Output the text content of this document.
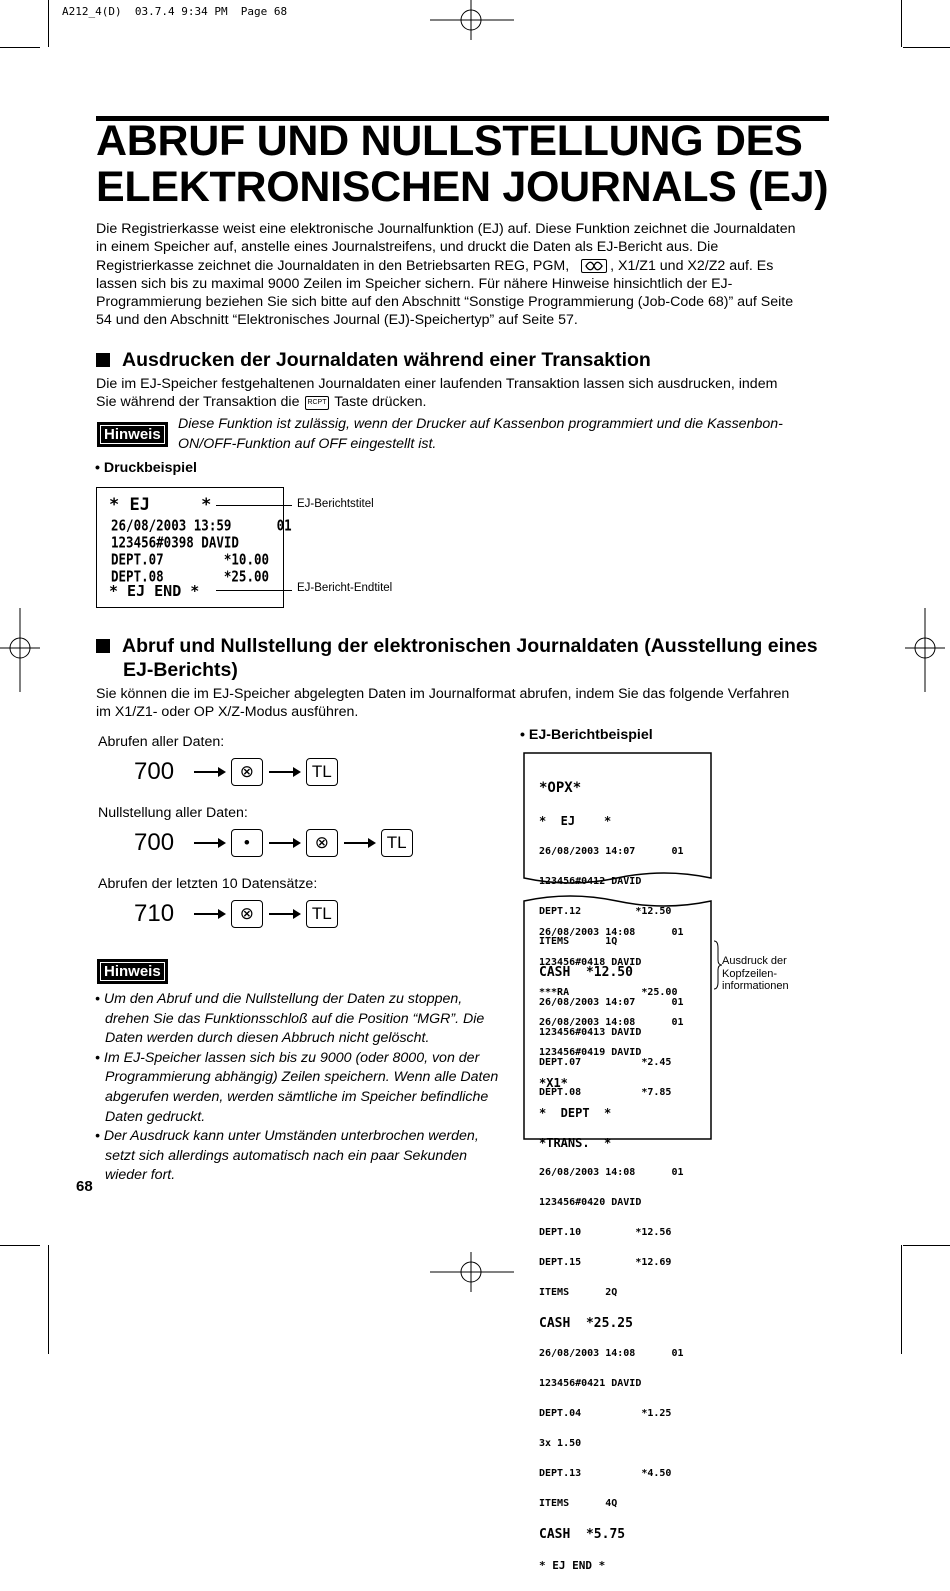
A212_4(D)  03.7.4 9:34 PM  Page 68
ABRUF UND NULLSTELLUNG DES
ELEKTRONISCHEN JOURNALS (EJ)
Die Registrierkasse weist eine elektronische Journalfunktion (EJ) auf. Diese Funktion zeichnet die Journaldaten
in einem Speicher auf, anstelle eines Journalstreifens, und druckt die Daten als EJ-Bericht aus. Die
Registrierkasse zeichnet die Journaldaten in den Betriebsarten REG, PGM,	, X1/Z1 und X2/Z2 auf. Es
lassen sich bis zu maximal 9000 Zeilen im Speicher sichern. Für nähere Hinweise hinsichtlich der EJ-
Programmierung beziehen Sie sich bitte auf den Abschnitt “Sonstige Programmierung (Job-Code 68)” auf Seite
54 und den Abschnitt “Elektronisches Journal (EJ)-Speichertyp” auf Seite 57.
Ausdrucken der Journaldaten während einer Transaktion
Die im EJ-Speicher festgehaltenen Journaldaten einer laufenden Transaktion lassen sich ausdrucken, indem
Sie während der Transaktion die RCPT Taste drücken.
Hinweis
Diese Funktion ist zulässig, wenn der Drucker auf Kassenbon programmiert und die Kassenbon-
ON/OFF-Funktion auf OFF eingestellt ist.
• Druckbeispiel
* EJ     *
26/08/2003 13:59      01
123456#0398 DAVID
DEPT.07        *10.00
DEPT.08        *25.00
* EJ END *
EJ-Berichtstitel
EJ-Bericht-Endtitel
Abruf und Nullstellung der elektronischen Journaldaten (Ausstellung eines
EJ-Berichts)
Sie können die im EJ-Speicher abgelegten Daten im Journalformat abrufen, indem Sie das folgende Verfahren
im X1/Z1- oder OP X/Z-Modus ausführen.
Abrufen aller Daten:
700	⊗	TL
Nullstellung aller Daten:
700	•	⊗	TL
Abrufen der letzten 10 Datensätze:
710	⊗	TL
Hinweis
• Um den Abruf und die Nullstellung der Daten zu stoppen,
drehen Sie das Funktionsschloß auf die Position “MGR”. Die
Daten werden durch diesen Abbruch nicht gelöscht.
• Im EJ-Speicher lassen sich bis zu 9000 (oder 8000, von der
Programmierung abhängig) Zeilen speichern. Wenn alle Daten
abgerufen werden, werden sämtliche im Speicher befindliche
Daten gedruckt.
• Der Ausdruck kann unter Umständen unterbrochen werden,
setzt sich allerdings automatisch nach ein paar Sekunden
wieder fort.
68
• EJ-Berichtbeispiel

*OPX*

*  EJ    *

26/08/2003 14:07      01

123456#0412 DAVID

DEPT.12         *12.50

ITEMS      1Q

CASH  *12.50

26/08/2003 14:07      01

123456#0413 DAVID

DEPT.07          *2.45

DEPT.08          *7.85

26/08/2003 14:08      01

123456#0418 DAVID

***RA            *25.00

26/08/2003 14:08      01

123456#0419 DAVID

*X1*

*  DEPT  *

*TRANS.  *

26/08/2003 14:08      01

123456#0420 DAVID

DEPT.10         *12.56

DEPT.15         *12.69

ITEMS      2Q

CASH  *25.25

26/08/2003 14:08      01

123456#0421 DAVID

DEPT.04          *1.25

3x 1.50

DEPT.13          *4.50

ITEMS      4Q

CASH  *5.75

* EJ END *

Ausdruck der
Kopfzeilen-
informationen
